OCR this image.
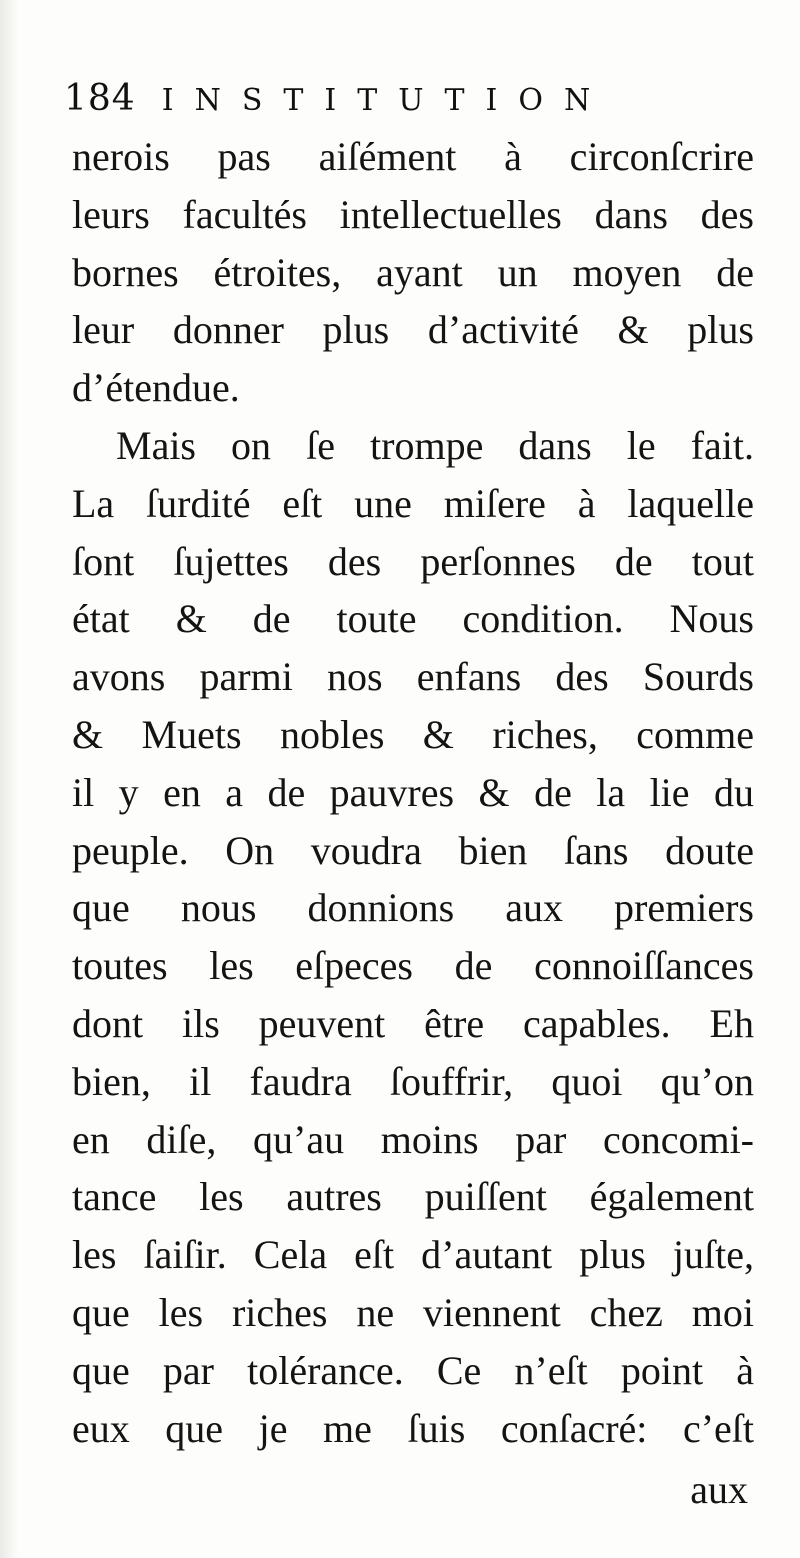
184 INSTITUTION
nerois pas aiſément à circonſcrire
leurs facultés intellectuelles dans des
bornes étroites, ayant un moyen de
leur donner plus d’activité & plus
d’étendue.
Mais on ſe trompe dans le fait.
La ſurdité eſt une miſere à laquelle
ſont ſujettes des perſonnes de tout
état & de toute condition. Nous
avons parmi nos enfans des Sourds
& Muets nobles & riches, comme
il y en a de pauvres & de la lie du
peuple. On voudra bien ſans doute
que nous donnions aux premiers
toutes les eſpeces de connoiſſances
dont ils peuvent être capables. Eh
bien, il faudra ſouffrir, quoi qu’on
en diſe, qu’au moins par concomi-
tance les autres puiſſent également
les ſaiſir. Cela eſt d’autant plus juſte,
que les riches ne viennent chez moi
que par tolérance. Ce n’eſt point à
eux que je me ſuis conſacré: c’eſt
aux
